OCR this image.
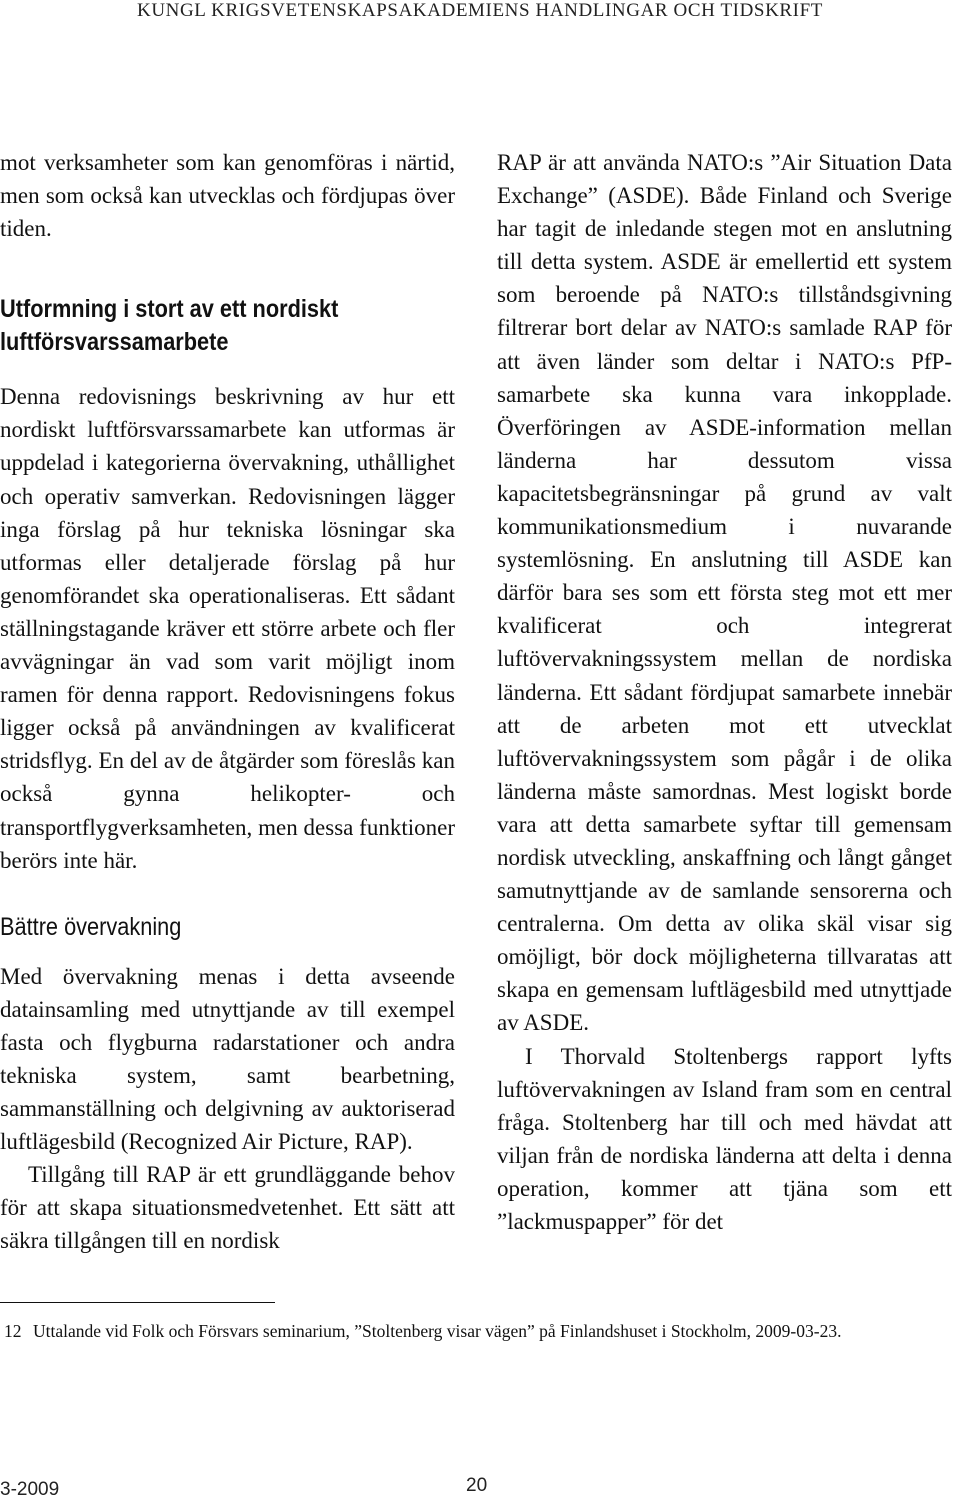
KUNGL KRIGSVETENSKAPSAKADEMIENS HANDLINGAR OCH TIDSKRIFT

mot verksamheter som kan genomföras i närtid, men som också kan utvecklas och fördjupas över tiden.

Utformning i stort av ett nordiskt luftförsvarssamarbete

Denna redovisnings beskrivning av hur ett nordiskt luftförsvarssamarbete kan utformas är uppdelad i kategorierna övervakning, uthållighet och operativ samverkan. Redovisningen lägger inga förslag på hur tekniska lösningar ska utformas eller detaljerade förslag på hur genomförandet ska operationaliseras. Ett sådant ställningstagande kräver ett större arbete och fler avvägningar än vad som varit möjligt inom ramen för denna rapport. Redovisningens fokus ligger också på användningen av kvalificerat stridsflyg. En del av de åtgärder som föreslås kan också gynna helikopter- och transportflygverksamheten, men dessa funktioner berörs inte här.

Bättre övervakning

Med övervakning menas i detta avseende datainsamling med utnyttjande av till exempel fasta och flygburna radarstationer och andra tekniska system, samt bearbetning, sammanställning och delgivning av auktoriserad luftlägesbild (Recognized Air Picture, RAP).

Tillgång till RAP är ett grundläggande behov för att skapa situationsmedvetenhet. Ett sätt att säkra tillgången till en nordisk

RAP är att använda NATO:s ”Air Situation Data Exchange” (ASDE). Både Finland och Sverige har tagit de inledande stegen mot en anslutning till detta system. ASDE är emellertid ett system som beroende på NATO:s tillståndsgivning filtrerar bort delar av NATO:s samlade RAP för att även länder som deltar i NATO:s PfP-samarbete ska kunna vara inkopplade. Överföringen av ASDE-information mellan länderna har dessutom vissa kapacitetsbegränsningar på grund av valt kommunikationsmedium i nuvarande systemlösning. En anslutning till ASDE kan därför bara ses som ett första steg mot ett mer kvalificerat och integrerat luftövervakningssystem mellan de nordiska länderna. Ett sådant fördjupat samarbete innebär att de arbeten mot ett utvecklat luftövervakningssystem som pågår i de olika länderna måste samordnas. Mest logiskt borde vara att detta samarbete syftar till gemensam nordisk utveckling, anskaffning och långt gånget samutnyttjande av de samlande sensorerna och centralerna. Om detta av olika skäl visar sig omöjligt, bör dock möjligheterna tillvaratas att skapa en gemensam luftlägesbild med utnyttjade av ASDE.

I Thorvald Stoltenbergs rapport lyfts luftövervakningen av Island fram som en central fråga. Stoltenberg har till och med hävdat att viljan från de nordiska länderna att delta i denna operation, kommer att tjäna som ett ”lackmuspapper” för det

12 Uttalande vid Folk och Försvars seminarium, ”Stoltenberg visar vägen” på Finlandshuset i Stockholm, 2009-03-23.
3-2009	20
